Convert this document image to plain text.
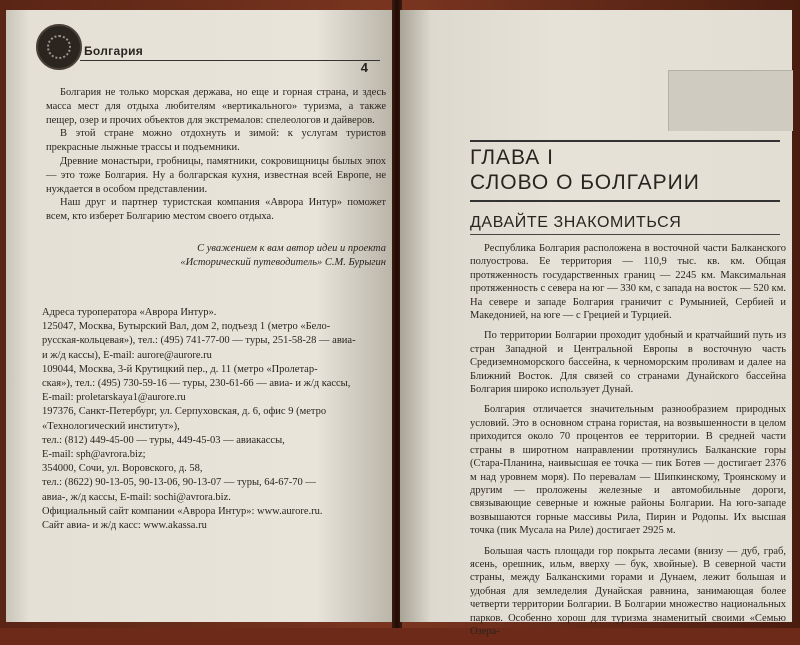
Болгария
4

Болгария не только морская держава, но еще и горная страна, и здесь масса мест для отдыха любителям «вертикального» туризма, а также пещер, озер и прочих объектов для экстремалов: спелеологов и дайверов.

В этой стране можно отдохнуть и зимой: к услугам туристов прекрасные лыжные трассы и подъемники.

Древние монастыри, гробницы, памятники, сокровищницы былых эпох — это тоже Болгария. Ну а болгарская кухня, известная всей Европе, не нуждается в особом представлении.

Наш друг и партнер туристская компания «Аврора Интур» поможет всем, кто изберет Болгарию местом своего отдыха.

С уважением к вам автор идеи и проекта
«Исторический путеводитель» С.М. Бурыгин
Адреса туроператора «Аврора Интур».
125047, Москва, Бутырский Вал, дом 2, подъезд 1 (метро «Бело-
русская-кольцевая»), тел.: (495) 741-77-00 — туры, 251-58-28 — авиа-
и ж/д кассы), E-mail: aurore@aurore.ru
109044, Москва, 3-й Крутицкий пер., д. 11 (метро «Пролетар-
ская»), тел.: (495) 730-59-16 — туры, 230-61-66 — авиа- и ж/д кассы,
E-mail: proletarskaya1@aurore.ru
197376, Санкт-Петербург, ул. Серпуховская, д. 6, офис 9 (метро
«Технологический институт»),
тел.: (812) 449-45-00 — туры, 449-45-03 — авиакассы,
E-mail: sph@avrora.biz;
354000, Сочи, ул. Воровского, д. 58,
тел.: (8622) 90-13-05, 90-13-06, 90-13-07 — туры, 64-67-70 —
авиа-, ж/д кассы, E-mail: sochi@avrora.biz.
Официальный сайт компании «Аврора Интур»: www.aurore.ru.
Сайт авиа- и ж/д касс: www.akassa.ru
ГЛАВА I
СЛОВО О БОЛГАРИИ
ДАВАЙТЕ ЗНАКОМИТЬСЯ

Республика Болгария расположена в восточной части Балканского полуострова. Ее территория — 110,9 тыс. кв. км. Общая протяженность государственных границ — 2245 км. Максимальная протяженность с севера на юг — 330 км, с запада на восток — 520 км. На севере и западе Болгария граничит с Румынией, Сербией и Македонией, на юге — с Грецией и Турцией.

По территории Болгарии проходит удобный и кратчайший путь из стран Западной и Центральной Европы в восточную часть Средиземноморского бассейна, к черноморским проливам и далее на Ближний Восток. Для связей со странами Дунайского бассейна Болгария широко использует Дунай.

Болгария отличается значительным разнообразием природных условий. Это в основном страна гористая, на возвышенности в целом приходится около 70 процентов ее территории. В средней части страны в широтном направлении протянулись Балканские горы (Стара-Планина, наивысшая ее точка — пик Ботев — достигает 2376 м над уровнем моря). По перевалам — Шипкинскому, Троянскому и другим — проложены железные и автомобильные дороги, связывающие северные и южные районы Болгарии. На юго-западе возвышаются горные массивы Рила, Пирин и Родопы. Их высшая точка (пик Мусала на Риле) достигает 2925 м.

Большая часть площади гор покрыта лесами (внизу — дуб, граб, ясень, орешник, ильм, вверху — бук, хвойные). В северной части страны, между Балканскими горами и Дунаем, лежит большая и удобная для земледелия Дунайская равнина, занимающая более четверти территории Болгарии. В Болгарии множество национальных парков. Особенно хорош для туризма знаменитый своими «Семью Озера-
